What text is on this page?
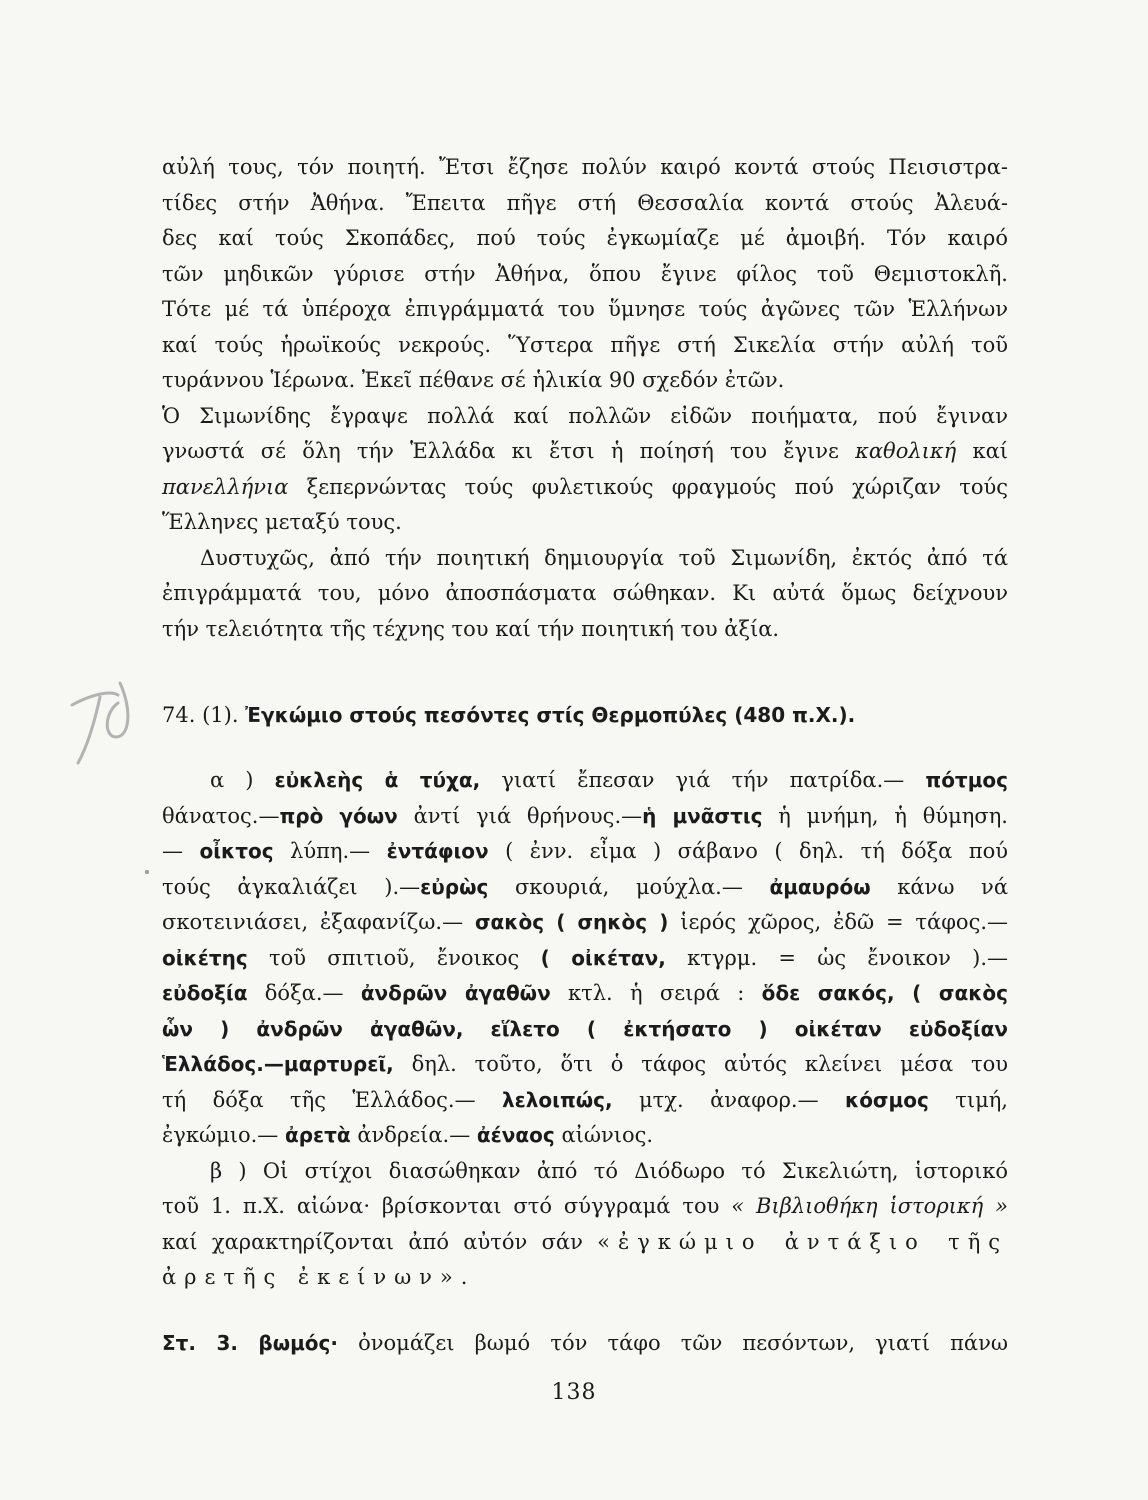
αὐλή τους, τόν ποιητή. Ἔτσι ἔζησε πολύν καιρό κοντά στούς Πεισιστρα-

τίδες στήν Ἀθήνα. Ἔπειτα πῆγε στή Θεσσαλία κοντά στούς Ἀλευά-

δες καί τούς Σκοπάδες, πού τούς ἐγκωμίαζε μέ ἀμοιβή. Τόν καιρό

τῶν μηδικῶν γύρισε στήν Ἀθήνα, ὅπου ἔγινε φίλος τοῦ Θεμιστοκλῆ.

Τότε μέ τά ὑπέροχα ἐπιγράμματά του ὕμνησε τούς ἀγῶνες τῶν Ἑλλήνων

καί τούς ἡρωϊκούς νεκρούς. Ὕστερα πῆγε στή Σικελία στήν αὐλή τοῦ

τυράννου Ἱέρωνα. Ἐκεῖ πέθανε σέ ἡλικία 90 σχεδόν ἐτῶν.

Ὁ Σιμωνίδης ἔγραψε πολλά καί πολλῶν εἰδῶν ποιήματα, πού ἔγιναν

γνωστά σέ ὅλη τήν Ἑλλάδα κι ἔτσι ἡ ποίησή του ἔγινε καθολική καί

πανελλήνια ξεπερνώντας τούς φυλετικούς φραγμούς πού χώριζαν τούς

Ἕλληνες μεταξύ τους.

Δυστυχῶς, ἀπό τήν ποιητική δημιουργία τοῦ Σιμωνίδη, ἐκτός ἀπό τά

ἐπιγράμματά του, μόνο ἀποσπάσματα σώθηκαν. Κι αὐτά ὅμως δείχνουν

τήν τελειότητα τῆς τέχνης του καί τήν ποιητική του ἀξία.

74. (1). Ἐγκώμιο στούς πεσόντες στίς Θερμοπύλες (480 π.Χ.).

α ) εὐκλεὴς ἁ τύχα, γιατί ἔπεσαν γιά τήν πατρίδα.— πότμος

θάνατος.—πρὸ γόων ἀντί γιά θρήνους.—ἡ μνᾶστις ἡ μνήμη, ἡ θύμηση.

— οἶκτος λύπη.— ἐντάφιον ( ἐνν. εἶμα ) σάβανο ( δηλ. τή δόξα πού

τούς ἀγκαλιάζει ).—εὐρὼς σκουριά, μούχλα.— ἀμαυρόω κάνω νά

σκοτεινιάσει, ἐξαφανίζω.— σακὸς ( σηκὸς ) ἱερός χῶρος, ἐδῶ = τάφος.—

οἰκέτης τοῦ σπιτιοῦ, ἔνοικος ( οἰκέταν, κτγρμ. = ὡς ἔνοικον ).—

εὐδοξία δόξα.— ἀνδρῶν ἀγαθῶν κτλ. ἡ σειρά : ὅδε σακός, ( σακὸς

ὧν ) ἀνδρῶν ἀγαθῶν, εἵλετο ( ἐκτήσατο ) οἰκέταν εὐδοξίαν

Ἑλλάδος.—μαρτυρεῖ, δηλ. τοῦτο, ὅτι ὁ τάφος αὐτός κλείνει μέσα του

τή δόξα τῆς Ἑλλάδος.— λελοιπώς, μτχ. ἀναφορ.— κόσμος τιμή,

ἐγκώμιο.— ἀρετὰ ἀνδρεία.— ἀέναος αἰώνιος.

β ) Οἱ στίχοι διασώθηκαν ἀπό τό Διόδωρο τό Σικελιώτη, ἱστορικό

τοῦ 1. π.Χ. αἰώνα· βρίσκονται στό σύγγραμά του « Βιβλιοθήκη ἱστορική »

καί χαρακτηρίζονται ἀπό αὐτόν σάν «ἐγκώμιο ἀντάξιο τῆς

ἀρετῆς ἐκείνων».

Στ. 3. βωμός· ὀνομάζει βωμό τόν τάφο τῶν πεσόντων, γιατί πάνω

138
